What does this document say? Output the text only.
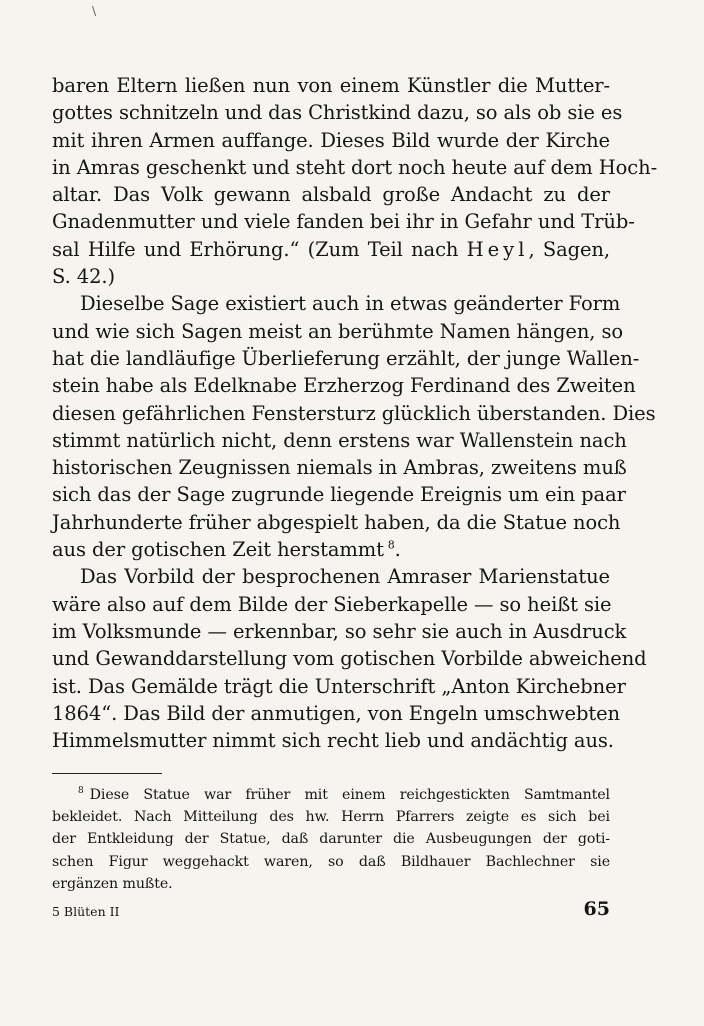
\
baren Eltern ließen nun von einem Künstler die Mutter-
gottes schnitzeln und das Christkind dazu, so als ob sie es
mit ihren Armen auffange. Dieses Bild wurde der Kirche
in Amras geschenkt und steht dort noch heute auf dem Hoch-
altar. Das Volk gewann alsbald große Andacht zu der
Gnadenmutter und viele fanden bei ihr in Gefahr und Trüb-
sal Hilfe und Erhörung.“ (Zum Teil nach Heyl, Sagen,
S. 42.)
Dieselbe Sage existiert auch in etwas geänderter Form
und wie sich Sagen meist an berühmte Namen hängen, so
hat die landläufige Überlieferung erzählt, der junge Wallen-
stein habe als Edelknabe Erzherzog Ferdinand des Zweiten
diesen gefährlichen Fenstersturz glücklich überstanden. Dies
stimmt natürlich nicht, denn erstens war Wallenstein nach
historischen Zeugnissen niemals in Ambras, zweitens muß
sich das der Sage zugrunde liegende Ereignis um ein paar
Jahrhunderte früher abgespielt haben, da die Statue noch
aus der gotischen Zeit herstammt  $^8$.
Das Vorbild der besprochenen Amraser Marienstatue
wäre also auf dem Bilde der Sieberkapelle — so heißt sie
im Volksmunde — erkennbar, so sehr sie auch in Ausdruck
und Gewanddarstellung vom gotischen Vorbilde abweichend
ist. Das Gemälde trägt die Unterschrift „Anton Kirchebner
1864“. Das Bild der anmutigen, von Engeln umschwebten
Himmelsmutter nimmt sich recht lieb und andächtig aus.
$^8$ Diese Statue war früher mit einem reichgestickten Samtmantel
bekleidet. Nach Mitteilung des hw. Herrn Pfarrers zeigte es sich bei
der Entkleidung der Statue, daß darunter die Ausbeugungen der goti-
schen Figur weggehackt waren, so daß Bildhauer Bachlechner sie
ergänzen mußte.
5 Blüten II	65
